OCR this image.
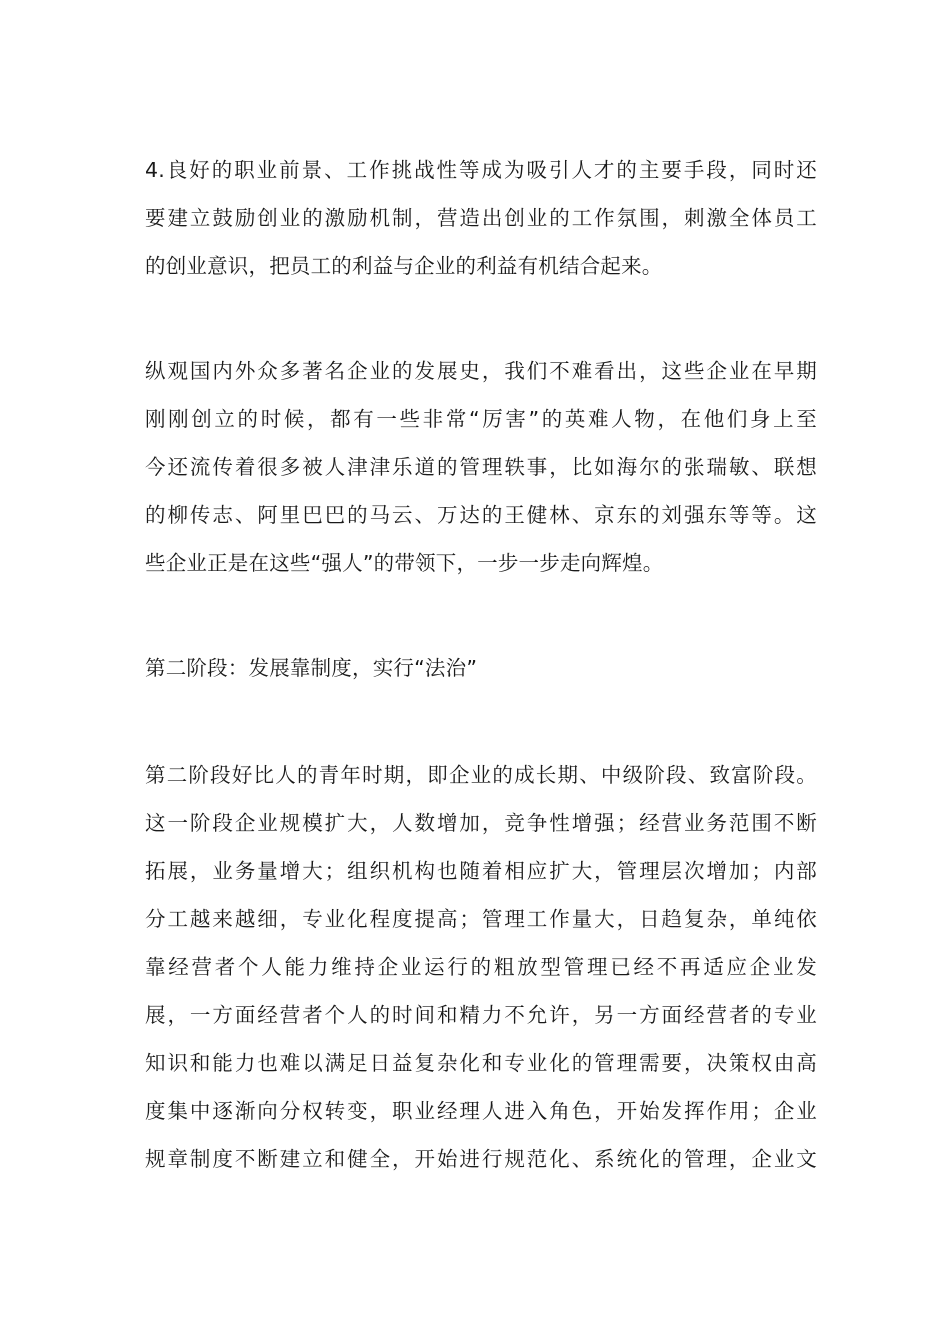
4.良好的职业前景、工作挑战性等成为吸引人才的主要手段，同时还
要建立鼓励创业的激励机制，营造出创业的工作氛围，刺激全体员工
的创业意识，把员工的利益与企业的利益有机结合起来。
纵观国内外众多著名企业的发展史，我们不难看出，这些企业在早期
刚刚创立的时候，都有一些非常“厉害”的英难人物，在他们身上至
今还流传着很多被人津津乐道的管理轶事，比如海尔的张瑞敏、联想
的柳传志、阿里巴巴的马云、万达的王健林、京东的刘强东等等。这
些企业正是在这些“强人”的带领下，一步一步走向辉煌。
第二阶段：发展靠制度，实行“法治”
第二阶段好比人的青年时期，即企业的成长期、中级阶段、致富阶段。
这一阶段企业规模扩大，人数增加，竞争性增强；经营业务范围不断
拓展，业务量增大；组织机构也随着相应扩大，管理层次增加；内部
分工越来越细，专业化程度提高；管理工作量大，日趋复杂，单纯依
靠经营者个人能力维持企业运行的粗放型管理已经不再适应企业发
展，一方面经营者个人的时间和精力不允许，另一方面经营者的专业
知识和能力也难以满足日益复杂化和专业化的管理需要，决策权由高
度集中逐渐向分权转变，职业经理人进入角色，开始发挥作用；企业
规章制度不断建立和健全，开始进行规范化、系统化的管理，企业文
